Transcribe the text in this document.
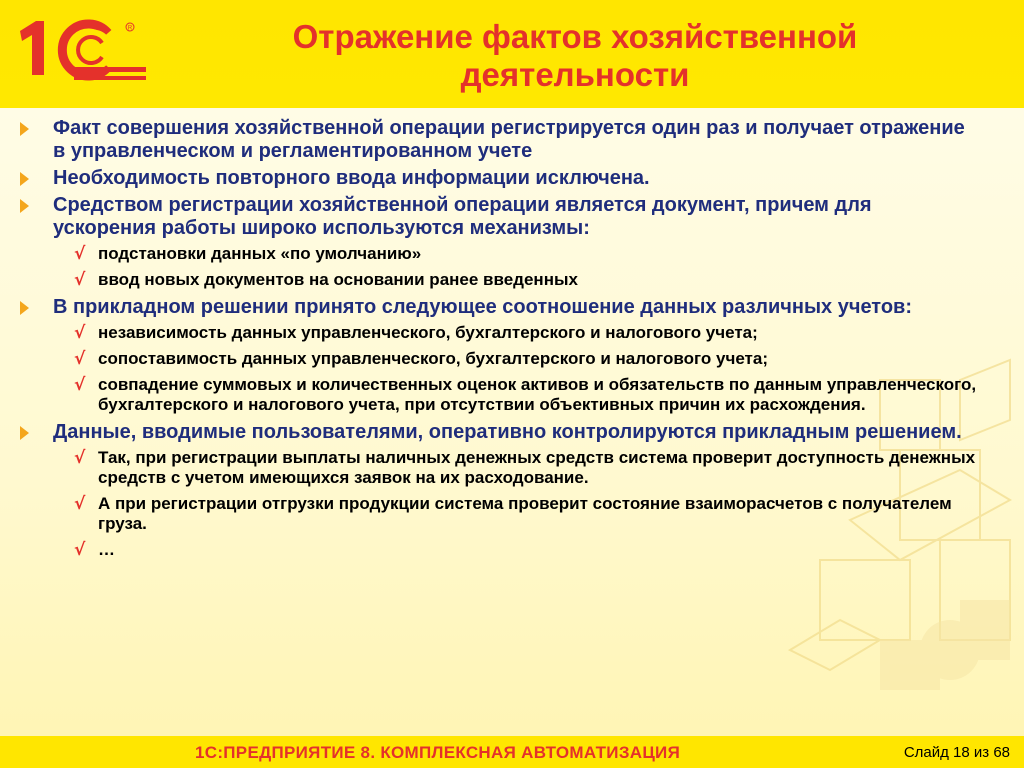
R	Отражение фактов хозяйственной
деятельности
Факт совершения хозяйственной операции регистрируется один раз и получает отражение в управленческом и регламентированном учете
Необходимость повторного ввода информации исключена.
Средством регистрации хозяйственной операции является документ, причем для ускорения работы широко используются механизмы:
√ подстановки данных «по умолчанию»
√ ввод новых документов на основании ранее введенных
В прикладном решении принято следующее соотношение данных различных учетов:
√ независимость данных управленческого, бухгалтерского и налогового учета;
√ сопоставимость данных управленческого, бухгалтерского и налогового учета;
√ совпадение суммовых и количественных оценок активов и обязательств по данным управленческого, бухгалтерского и налогового учета, при отсутствии объективных причин их расхождения.
Данные, вводимые пользователями, оперативно контролируются прикладным решением.
√ Так, при регистрации выплаты наличных денежных средств система проверит доступность денежных средств с учетом имеющихся заявок на их расходование.
√ А при регистрации отгрузки продукции система проверит состояние взаиморасчетов с получателем груза.
√ …
1С:ПРЕДПРИЯТИЕ 8. КОМПЛЕКСНАЯ АВТОМАТИЗАЦИЯ	Слайд 18 из 68
